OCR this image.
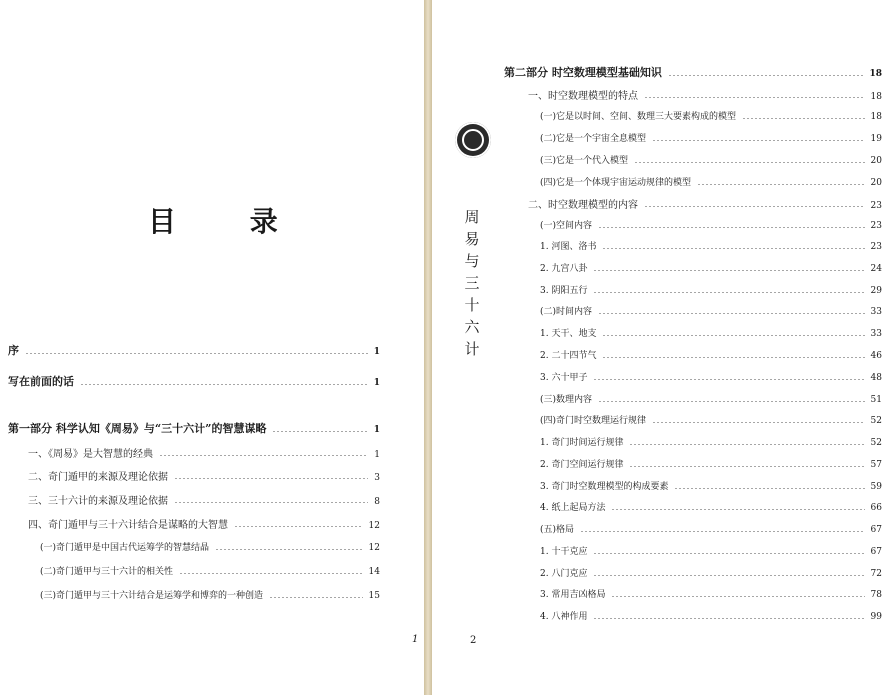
目 录
序	1
写在前面的话	1
第一部分 科学认知《周易》与“三十六计”的智慧谋略	1
一、《周易》是大智慧的经典	1
二、奇门遁甲的来源及理论依据	3
三、三十六计的来源及理论依据	8
四、奇门遁甲与三十六计结合是谋略的大智慧	12
(一)奇门遁甲是中国古代运筹学的智慧结晶	12
(二)奇门遁甲与三十六计的相关性	14
(三)奇门遁甲与三十六计结合是运筹学和博弈的一种创造	15
1
第二部分 时空数理模型基础知识	18
一、时空数理模型的特点	18
(一)它是以时间、空间、数理三大要素构成的模型	18
(二)它是一个宇宙全息模型	19
(三)它是一个代入模型	20
(四)它是一个体现宇宙运动规律的模型	20
二、时空数理模型的内容	23
(一)空间内容	23
1. 河图、洛书	23
2. 九宫八卦	24
3. 阴阳五行	29
(二)时间内容	33
1. 天干、地支	33
2. 二十四节气	46
3. 六十甲子	48
(三)数理内容	51
(四)奇门时空数理运行规律	52
1. 奇门时间运行规律	52
2. 奇门空间运行规律	57
3. 奇门时空数理模型的构成要素	59
4. 纸上起局方法	66
(五)格局	67
1. 十干克应	67
2. 八门克应	72
3. 常用吉凶格局	78
4. 八神作用	99
2
周易与三十六计
